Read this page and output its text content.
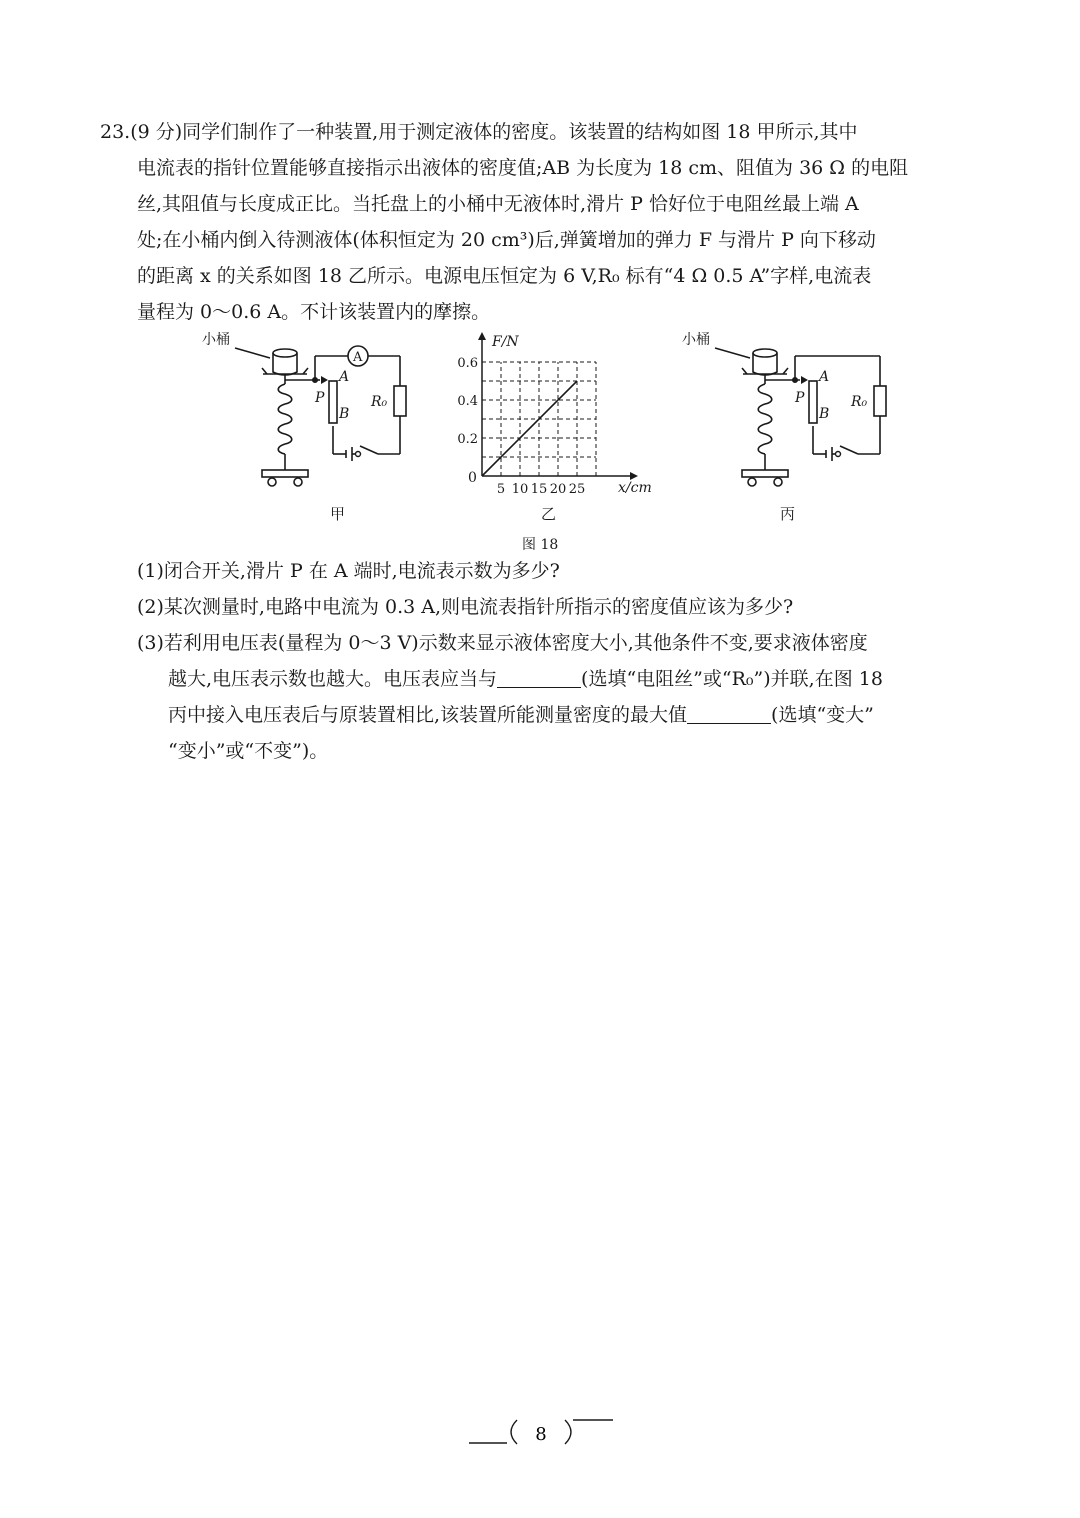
23.(9 分)同学们制作了一种装置,用于测定液体的密度。该装置的结构如图 18 甲所示,其中
电流表的指针位置能够直接指示出液体的密度值;AB 为长度为 18 cm、阻值为 36 Ω 的电阻
丝,其阻值与长度成正比。当托盘上的小桶中无液体时,滑片 P 恰好位于电阻丝最上端 A
处;在小桶内倒入待测液体(体积恒定为 20 cm³)后,弹簧增加的弹力 F 与滑片 P 向下移动
的距离 x 的关系如图 18 乙所示。电源电压恒定为 6 V,R₀ 标有“4 Ω 0.5 A”字样,电流表
量程为 0～0.6 A。不计该装置内的摩擦。
小桶
A
A
P
B
R₀
甲
5 10 15 20 25
0.2
0.4
0.6
F/N
x/cm
0
乙
小桶
A
P
B
R₀
丙
图 18
(1)闭合开关,滑片 P 在 A 端时,电流表示数为多少?
(2)某次测量时,电路中电流为 0.3 A,则电流表指针所指示的密度值应该为多少?
(3)若利用电压表(量程为 0～3 V)示数来显示液体密度大小,其他条件不变,要求液体密度
越大,电压表示数也越大。电压表应当与	(选填“电阻丝”或“R₀”)并联,在图 18
丙中接入电压表后与原装置相比,该装置所能测量密度的最大值	(选填“变大”
“变小”或“不变”)。
8
